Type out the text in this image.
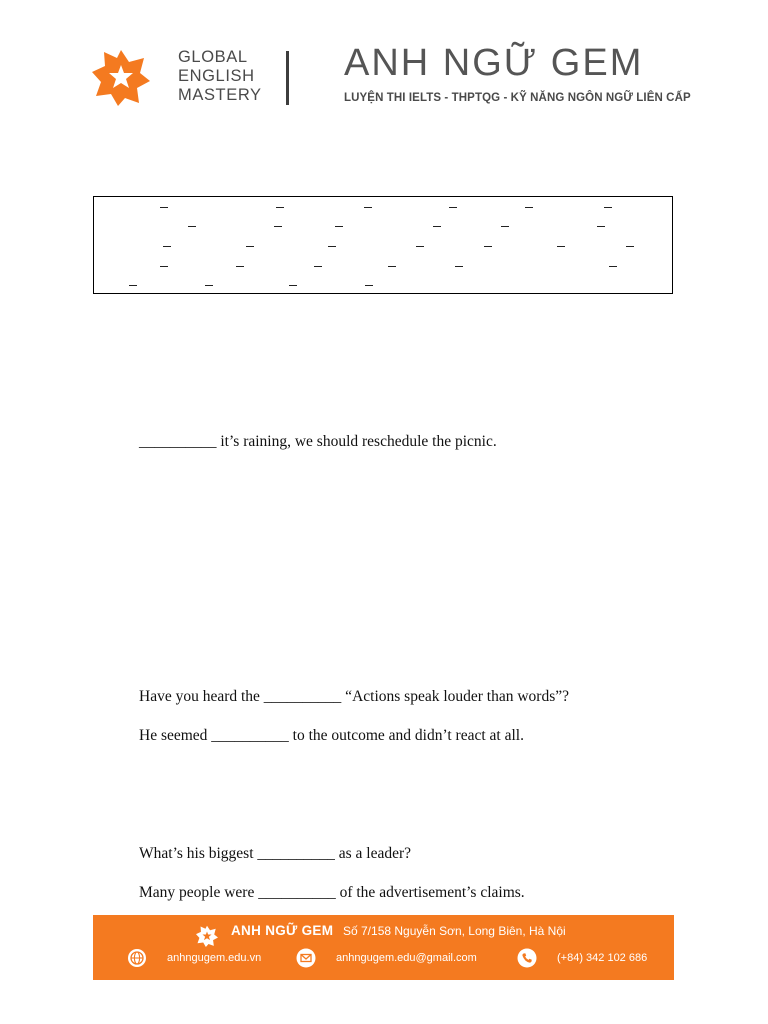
GLOBAL
ENGLISH
MASTERY
ANH NGỮ GEM
LUYỆN THI IELTS - THPTQG - KỸ NĂNG NGÔN NGỮ LIÊN CẤP
__________ it’s raining, we should reschedule the picnic.
Have you heard the __________ “Actions speak louder than words”?
He seemed __________ to the outcome and didn’t react at all.
What’s his biggest __________ as a leader?
Many people were __________ of the advertisement’s claims.
ANH NGỮ GEM Số 7/158 Nguyễn Sơn, Long Biên, Hà Nội
anhngugem.edu.vn	anhngugem.edu@gmail.com	(+84) 342 102 686
